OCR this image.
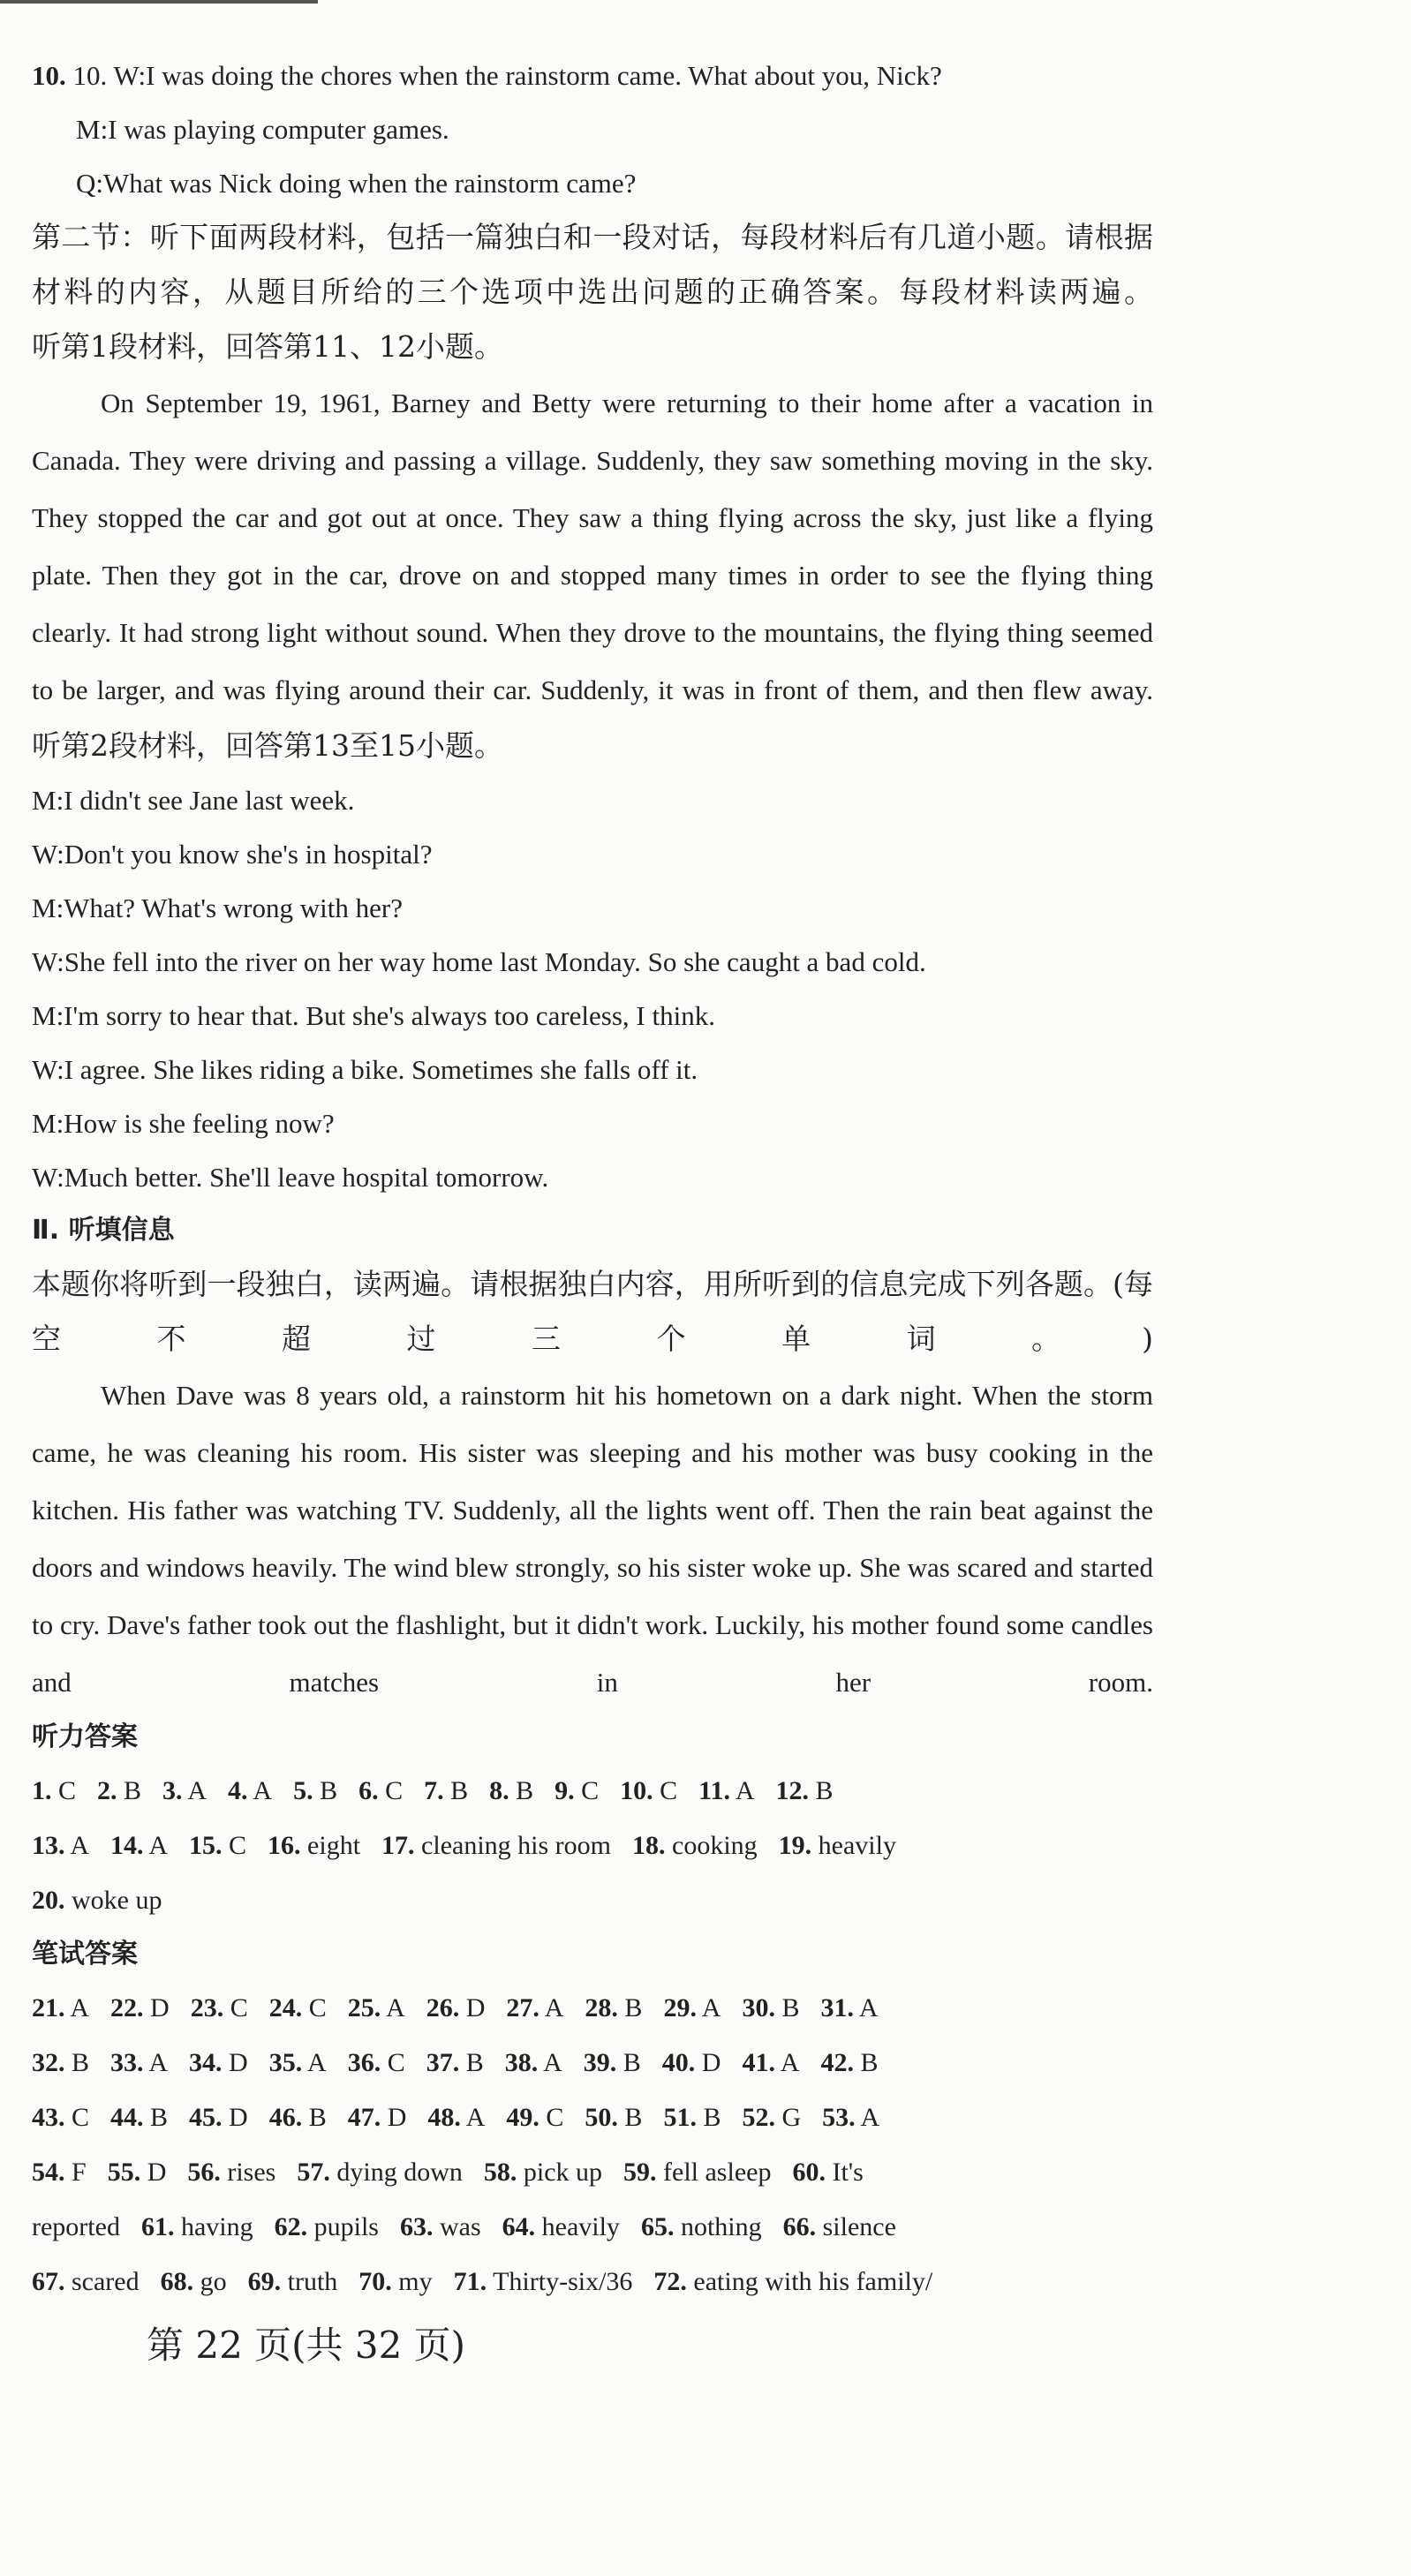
10. 10. W:I was doing the chores when the rainstorm came. What about you, Nick?

M:I was playing computer games.

Q:What was Nick doing when the rainstorm came?

第二节：听下面两段材料，包括一篇独白和一段对话，每段材料后有几道小题。请根据材料的内容，从题目所给的三个选项中选出问题的正确答案。每段材料读两遍。

听第1段材料，回答第11、12小题。

On September 19, 1961, Barney and Betty were returning to their home after a vacation in Canada. They were driving and passing a village. Suddenly, they saw something moving in the sky. They stopped the car and got out at once. They saw a thing flying across the sky, just like a flying plate. Then they got in the car, drove on and stopped many times in order to see the flying thing clearly. It had strong light without sound. When they drove to the mountains, the flying thing seemed to be larger, and was flying around their car. Suddenly, it was in front of them, and then flew away.

听第2段材料，回答第13至15小题。

M:I didn't see Jane last week.

W:Don't you know she's in hospital?

M:What? What's wrong with her?

W:She fell into the river on her way home last Monday. So she caught a bad cold.

M:I'm sorry to hear that. But she's always too careless, I think.

W:I agree. She likes riding a bike. Sometimes she falls off it.

M:How is she feeling now?

W:Much better. She'll leave hospital tomorrow.

Ⅱ. 听填信息

本题你将听到一段独白，读两遍。请根据独白内容，用所听到的信息完成下列各题。(每空不超过三个单词。)

When Dave was 8 years old, a rainstorm hit his hometown on a dark night. When the storm came, he was cleaning his room. His sister was sleeping and his mother was busy cooking in the kitchen. His father was watching TV. Suddenly, all the lights went off. Then the rain beat against the doors and windows heavily. The wind blew strongly, so his sister woke up. She was scared and started to cry. Dave's father took out the flashlight, but it didn't work. Luckily, his mother found some candles and matches in her room.

听力答案

1. C 2. B 3. A 4. A 5. B 6. C 7. B 8. B 9. C 10. C 11. A 12. B

13. A 14. A 15. C 16. eight 17. cleaning his room 18. cooking 19. heavily

20. woke up

笔试答案

21. A 22. D 23. C 24. C 25. A 26. D 27. A 28. B 29. A 30. B 31. A

32. B 33. A 34. D 35. A 36. C 37. B 38. A 39. B 40. D 41. A 42. B

43. C 44. B 45. D 46. B 47. D 48. A 49. C 50. B 51. B 52. G 53. A

54. F 55. D 56. rises 57. dying down 58. pick up 59. fell asleep 60. It's

reported 61. having 62. pupils 63. was 64. heavily 65. nothing 66. silence

67. scared 68. go 69. truth 70. my 71. Thirty-six/36 72. eating with his family/

第 22 页(共 32 页)
